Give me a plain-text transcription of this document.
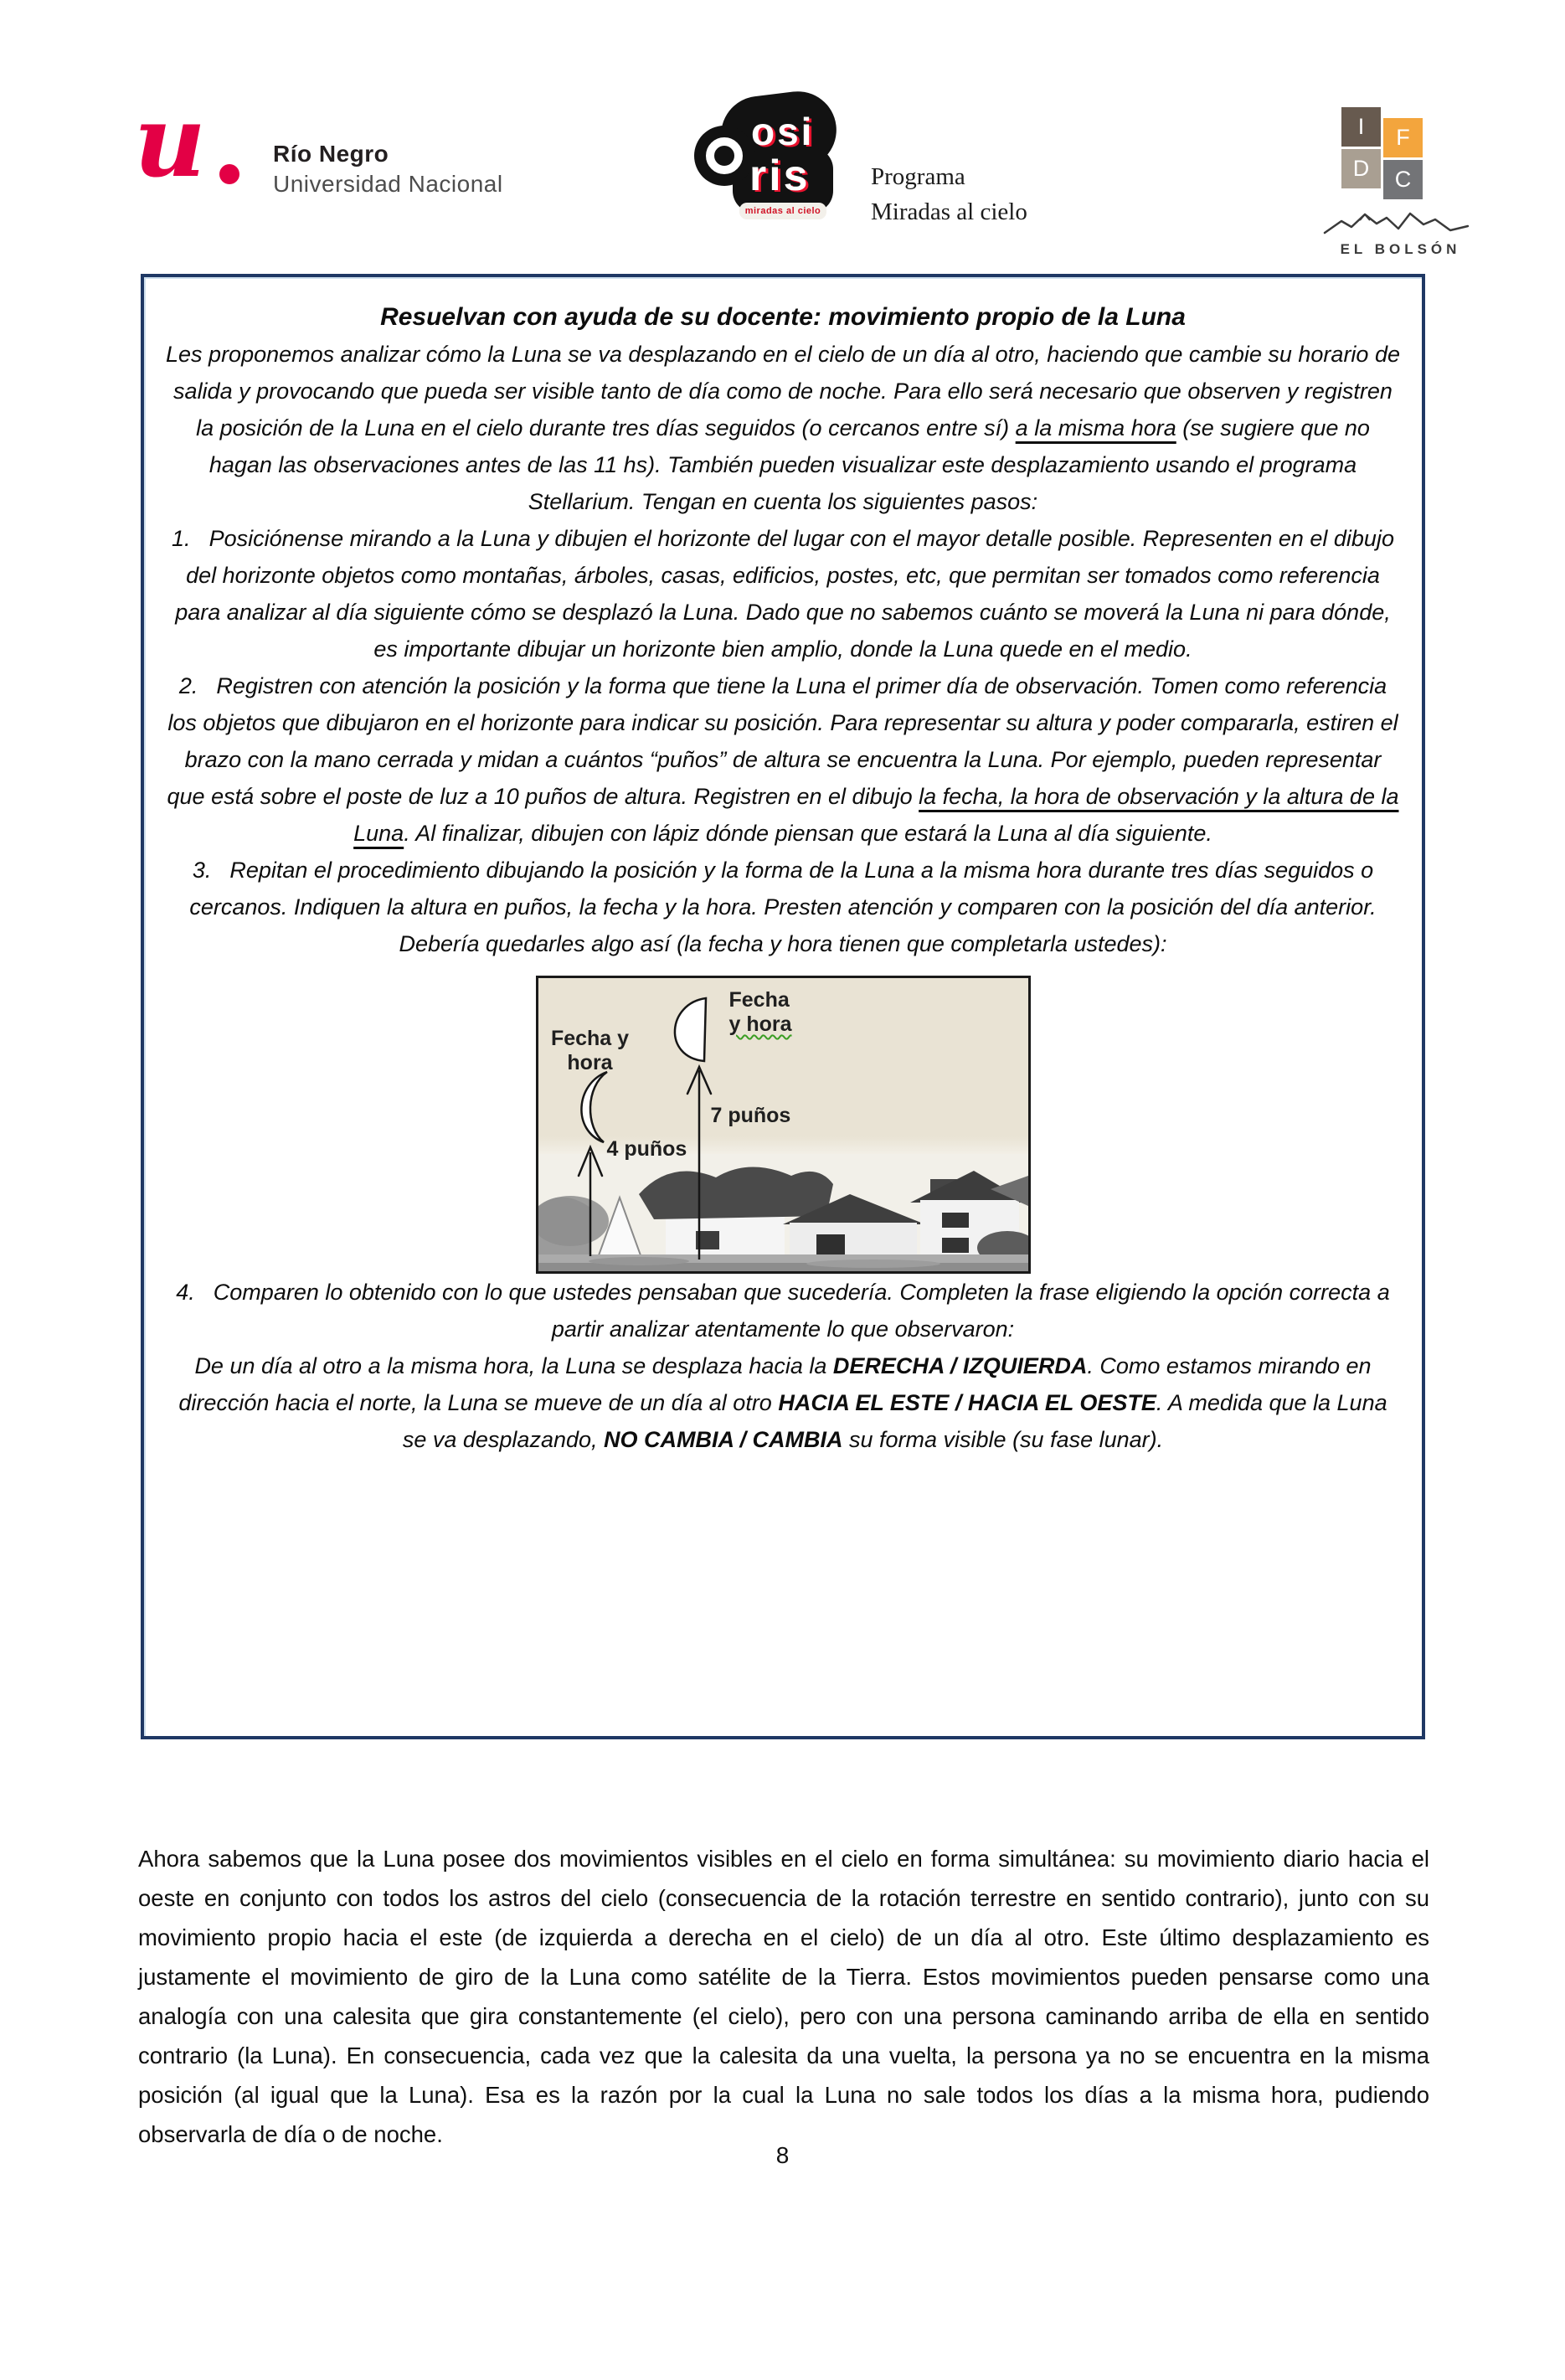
u	Río Negro
Universidad Nacional
osi
ris
miradas al cielo
Programa
Miradas al cielo
I	F
D	C
EL BOLSÓN

Resuelvan con ayuda de su docente: movimiento propio de la Luna

Les proponemos analizar cómo la Luna se va desplazando en el cielo de un día al otro, haciendo que cambie su horario de salida y provocando que pueda ser visible tanto de día como de noche. Para ello será necesario que observen y registren la posición de la Luna en el cielo durante tres días seguidos (o cercanos entre sí) a la misma hora (se sugiere que no hagan las observaciones antes de las 11 hs). También pueden visualizar este desplazamiento usando el programa Stellarium. Tengan en cuenta los siguientes pasos:

1. Posiciónense mirando a la Luna y dibujen el horizonte del lugar con el mayor detalle posible. Representen en el dibujo del horizonte objetos como montañas, árboles, casas, edificios, postes, etc, que permitan ser tomados como referencia para analizar al día siguiente cómo se desplazó la Luna. Dado que no sabemos cuánto se moverá la Luna ni para dónde, es importante dibujar un horizonte bien amplio, donde la Luna quede en el medio.

2. Registren con atención la posición y la forma que tiene la Luna el primer día de observación. Tomen como referencia los objetos que dibujaron en el horizonte para indicar su posición. Para representar su altura y poder compararla, estiren el brazo con la mano cerrada y midan a cuántos “puños” de altura se encuentra la Luna. Por ejemplo, pueden representar que está sobre el poste de luz a 10 puños de altura. Registren en el dibujo la fecha, la hora de observación y la altura de la Luna. Al finalizar, dibujen con lápiz dónde piensan que estará la Luna al día siguiente.

3. Repitan el procedimiento dibujando la posición y la forma de la Luna a la misma hora durante tres días seguidos o cercanos. Indiquen la altura en puños, la fecha y la hora. Presten atención y comparen con la posición del día anterior. Debería quedarles algo así (la fecha y hora tienen que completarla ustedes):

Fecha y
hora
4 puños
Fecha
y hora
7 puños

4. Comparen lo obtenido con lo que ustedes pensaban que sucedería. Completen la frase eligiendo la opción correcta a partir analizar atentamente lo que observaron:

De un día al otro a la misma hora, la Luna se desplaza hacia la DERECHA / IZQUIERDA. Como estamos mirando en dirección hacia el norte, la Luna se mueve de un día al otro HACIA EL ESTE / HACIA EL OESTE. A medida que la Luna se va desplazando, NO CAMBIA / CAMBIA su forma visible (su fase lunar).

Ahora sabemos que la Luna posee dos movimientos visibles en el cielo en forma simultánea: su movimiento diario hacia el oeste en conjunto con todos los astros del cielo (consecuencia de la rotación terrestre en sentido contrario), junto con su movimiento propio hacia el este (de izquierda a derecha en el cielo) de un día al otro. Este último desplazamiento es justamente el movimiento de giro de la Luna como satélite de la Tierra. Estos movimientos pueden pensarse como una analogía con una calesita que gira constantemente (el cielo), pero con una persona caminando arriba de ella en sentido contrario (la Luna). En consecuencia, cada vez que la calesita da una vuelta, la persona ya no se encuentra en la misma posición (al igual que la Luna). Esa es la razón por la cual la Luna no sale todos los días a la misma hora, pudiendo observarla de día o de noche.

8
